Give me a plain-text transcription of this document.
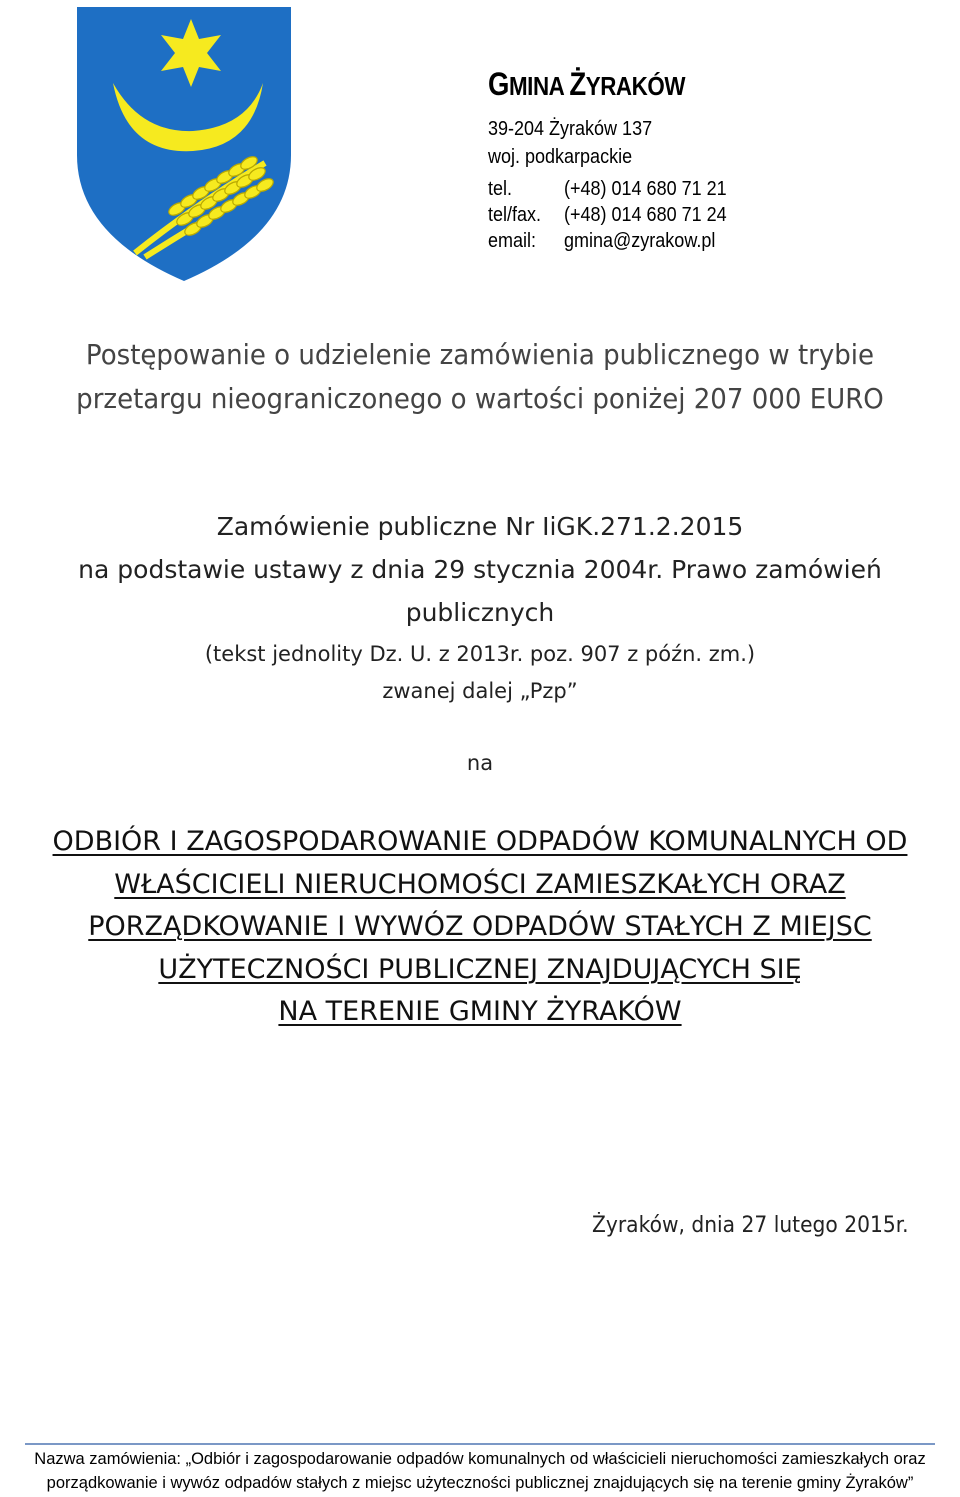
GMINA ŻYRAKÓW
39-204 Żyraków 137
woj. podkarpackie
tel.	(+48) 014 680 71 21
tel/fax. (+48) 014 680 71 24
email: gmina@zyrakow.pl
Postępowanie o udzielenie zamówienia publicznego w trybie
przetargu nieograniczonego o wartości poniżej 207 000 EURO
Zamówienie publiczne Nr IiGK.271.2.2015
na podstawie ustawy z dnia 29 stycznia 2004r. Prawo zamówień
publicznych
(tekst jednolity Dz. U. z 2013r. poz. 907 z późn. zm.)
zwanej dalej „Pzp”
na
ODBIÓR I ZAGOSPODAROWANIE ODPADÓW KOMUNALNYCH OD
WŁAŚCICIELI NIERUCHOMOŚCI ZAMIESZKAŁYCH ORAZ
PORZĄDKOWANIE I WYWÓZ ODPADÓW STAŁYCH Z MIEJSC
UŻYTECZNOŚCI PUBLICZNEJ ZNAJDUJĄCYCH SIĘ
NA TERENIE GMINY ŻYRAKÓW
Żyraków, dnia 27 lutego 2015r.
Nazwa zamówienia: „Odbiór i zagospodarowanie odpadów komunalnych od właścicieli nieruchomości zamieszkałych oraz
porządkowanie i wywóz odpadów stałych z miejsc użyteczności publicznej znajdujących się na terenie gminy Żyraków”
